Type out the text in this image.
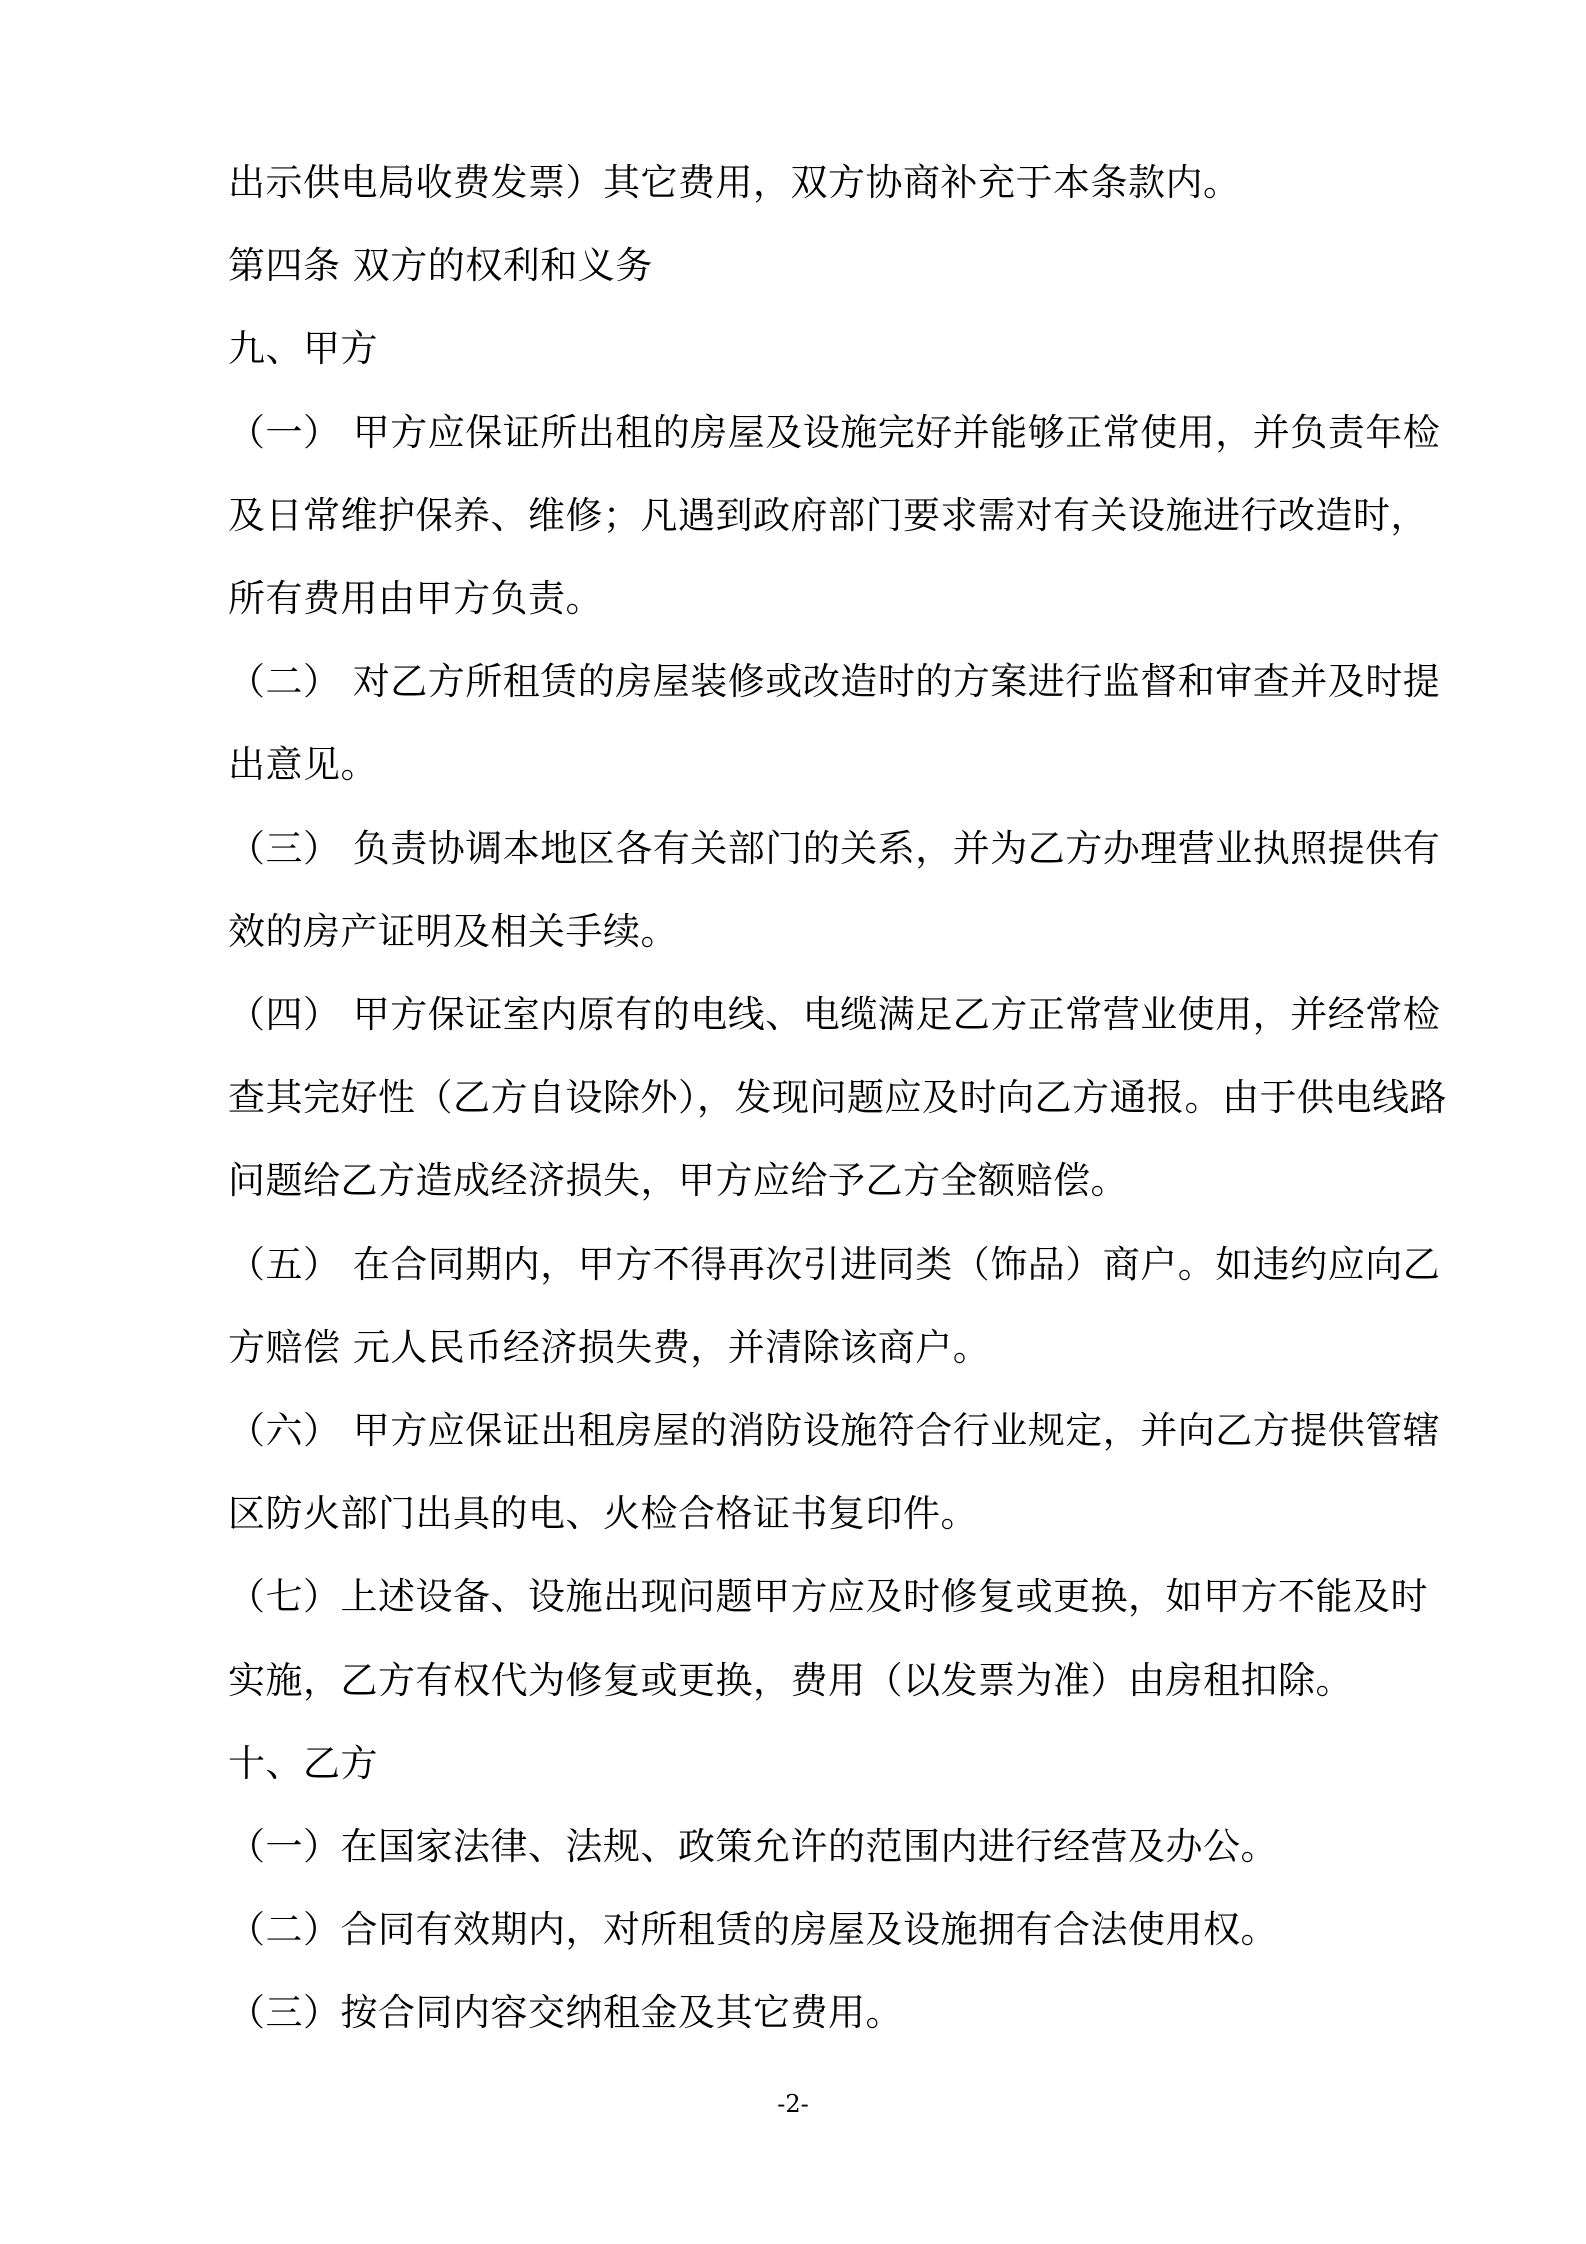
出示供电局收费发票）其它费用，双方协商补充于本条款内。
第四条 双方的权利和义务
九、甲方
（一） 甲方应保证所出租的房屋及设施完好并能够正常使用，并负责年检
及日常维护保养、维修；凡遇到政府部门要求需对有关设施进行改造时，
所有费用由甲方负责。
（二） 对乙方所租赁的房屋装修或改造时的方案进行监督和审查并及时提
出意见。
（三） 负责协调本地区各有关部门的关系，并为乙方办理营业执照提供有
效的房产证明及相关手续。
（四） 甲方保证室内原有的电线、电缆满足乙方正常营业使用，并经常检
查其完好性（乙方自设除外），发现问题应及时向乙方通报。由于供电线路
问题给乙方造成经济损失，甲方应给予乙方全额赔偿。
（五） 在合同期内，甲方不得再次引进同类（饰品）商户。如违约应向乙
方赔偿 元人民币经济损失费，并清除该商户。
（六） 甲方应保证出租房屋的消防设施符合行业规定，并向乙方提供管辖
区防火部门出具的电、火检合格证书复印件。
（七）上述设备、设施出现问题甲方应及时修复或更换，如甲方不能及时
实施，乙方有权代为修复或更换，费用（以发票为准）由房租扣除。
十、乙方
（一）在国家法律、法规、政策允许的范围内进行经营及办公。
（二）合同有效期内，对所租赁的房屋及设施拥有合法使用权。
（三）按合同内容交纳租金及其它费用。
-2-
